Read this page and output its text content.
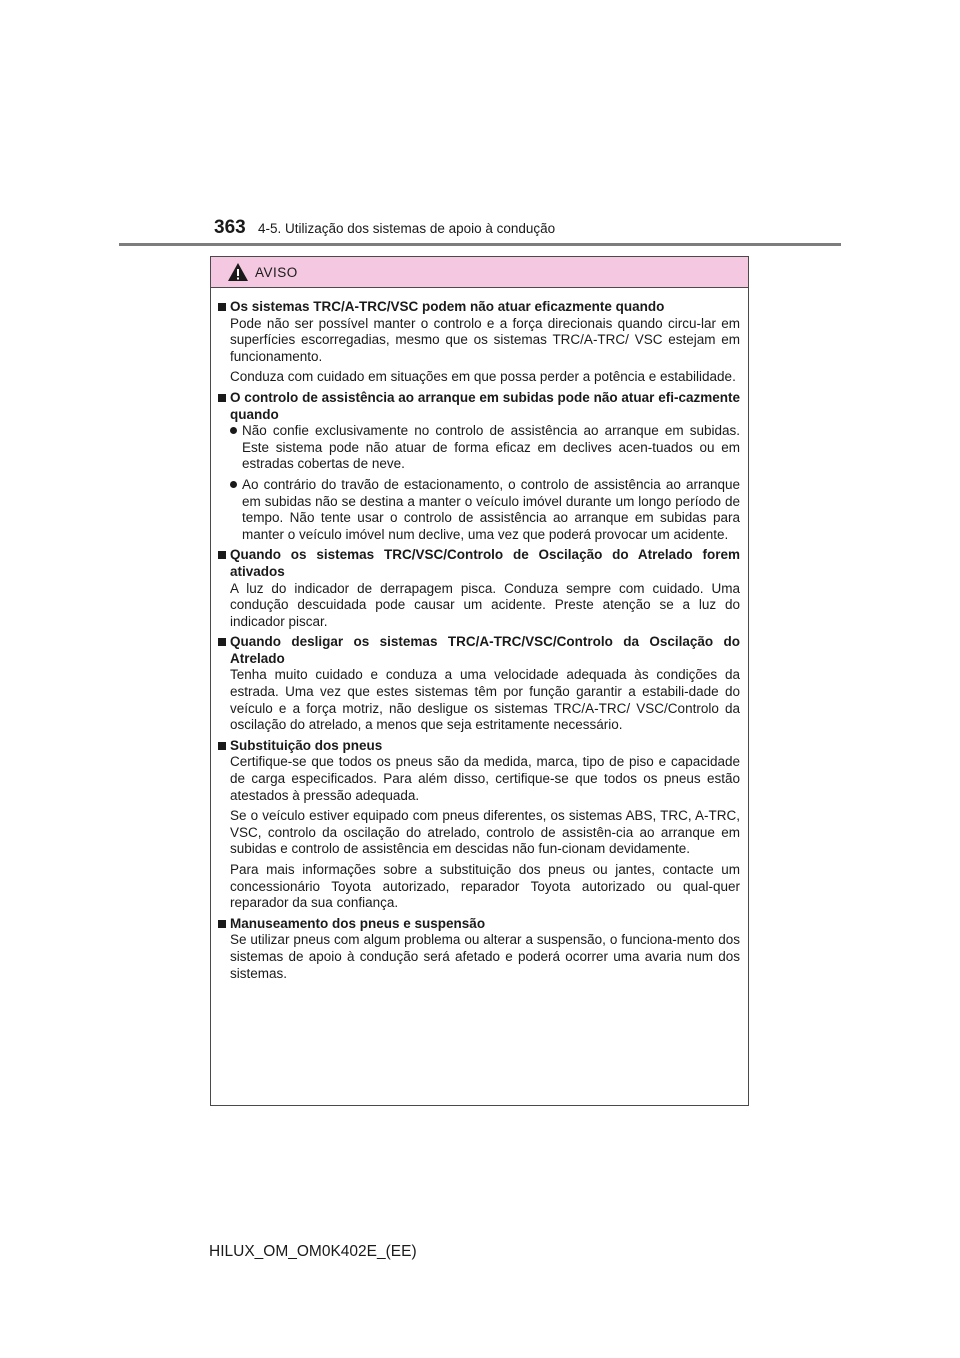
363 4-5. Utilização dos sistemas de apoio à condução
AVISO
Os sistemas TRC/A-TRC/VSC podem não atuar eficazmente quando
Pode não ser possível manter o controlo e a força direcionais quando circu-lar em superfícies escorregadias, mesmo que os sistemas TRC/A-TRC/ VSC estejam em funcionamento.
Conduza com cuidado em situações em que possa perder a potência e estabilidade.
O controlo de assistência ao arranque em subidas pode não atuar efi-cazmente quando
Não confie exclusivamente no controlo de assistência ao arranque em subidas. Este sistema pode não atuar de forma eficaz em declives acen-tuados ou em estradas cobertas de neve.
Ao contrário do travão de estacionamento, o controlo de assistência ao arranque em subidas não se destina a manter o veículo imóvel durante um longo período de tempo. Não tente usar o controlo de assistência ao arranque em subidas para manter o veículo imóvel num declive, uma vez que poderá provocar um acidente.
Quando os sistemas TRC/VSC/Controlo de Oscilação do Atrelado forem ativados
A luz do indicador de derrapagem pisca. Conduza sempre com cuidado. Uma condução descuidada pode causar um acidente. Preste atenção se a luz do indicador piscar.
Quando desligar os sistemas TRC/A-TRC/VSC/Controlo da Oscilação do Atrelado
Tenha muito cuidado e conduza a uma velocidade adequada às condições da estrada. Uma vez que estes sistemas têm por função garantir a estabili-dade do veículo e a força motriz, não desligue os sistemas TRC/A-TRC/ VSC/Controlo da oscilação do atrelado, a menos que seja estritamente necessário.
Substituição dos pneus
Certifique-se que todos os pneus são da medida, marca, tipo de piso e capacidade de carga especificados. Para além disso, certifique-se que todos os pneus estão atestados à pressão adequada.
Se o veículo estiver equipado com pneus diferentes, os sistemas ABS, TRC, A-TRC, VSC, controlo da oscilação do atrelado, controlo de assistên-cia ao arranque em subidas e controlo de assistência em descidas não fun-cionam devidamente.
Para mais informações sobre a substituição dos pneus ou jantes, contacte um concessionário Toyota autorizado, reparador Toyota autorizado ou qual-quer reparador da sua confiança.
Manuseamento dos pneus e suspensão
Se utilizar pneus com algum problema ou alterar a suspensão, o funciona-mento dos sistemas de apoio à condução será afetado e poderá ocorrer uma avaria num dos sistemas.
HILUX_OM_OM0K402E_(EE)
